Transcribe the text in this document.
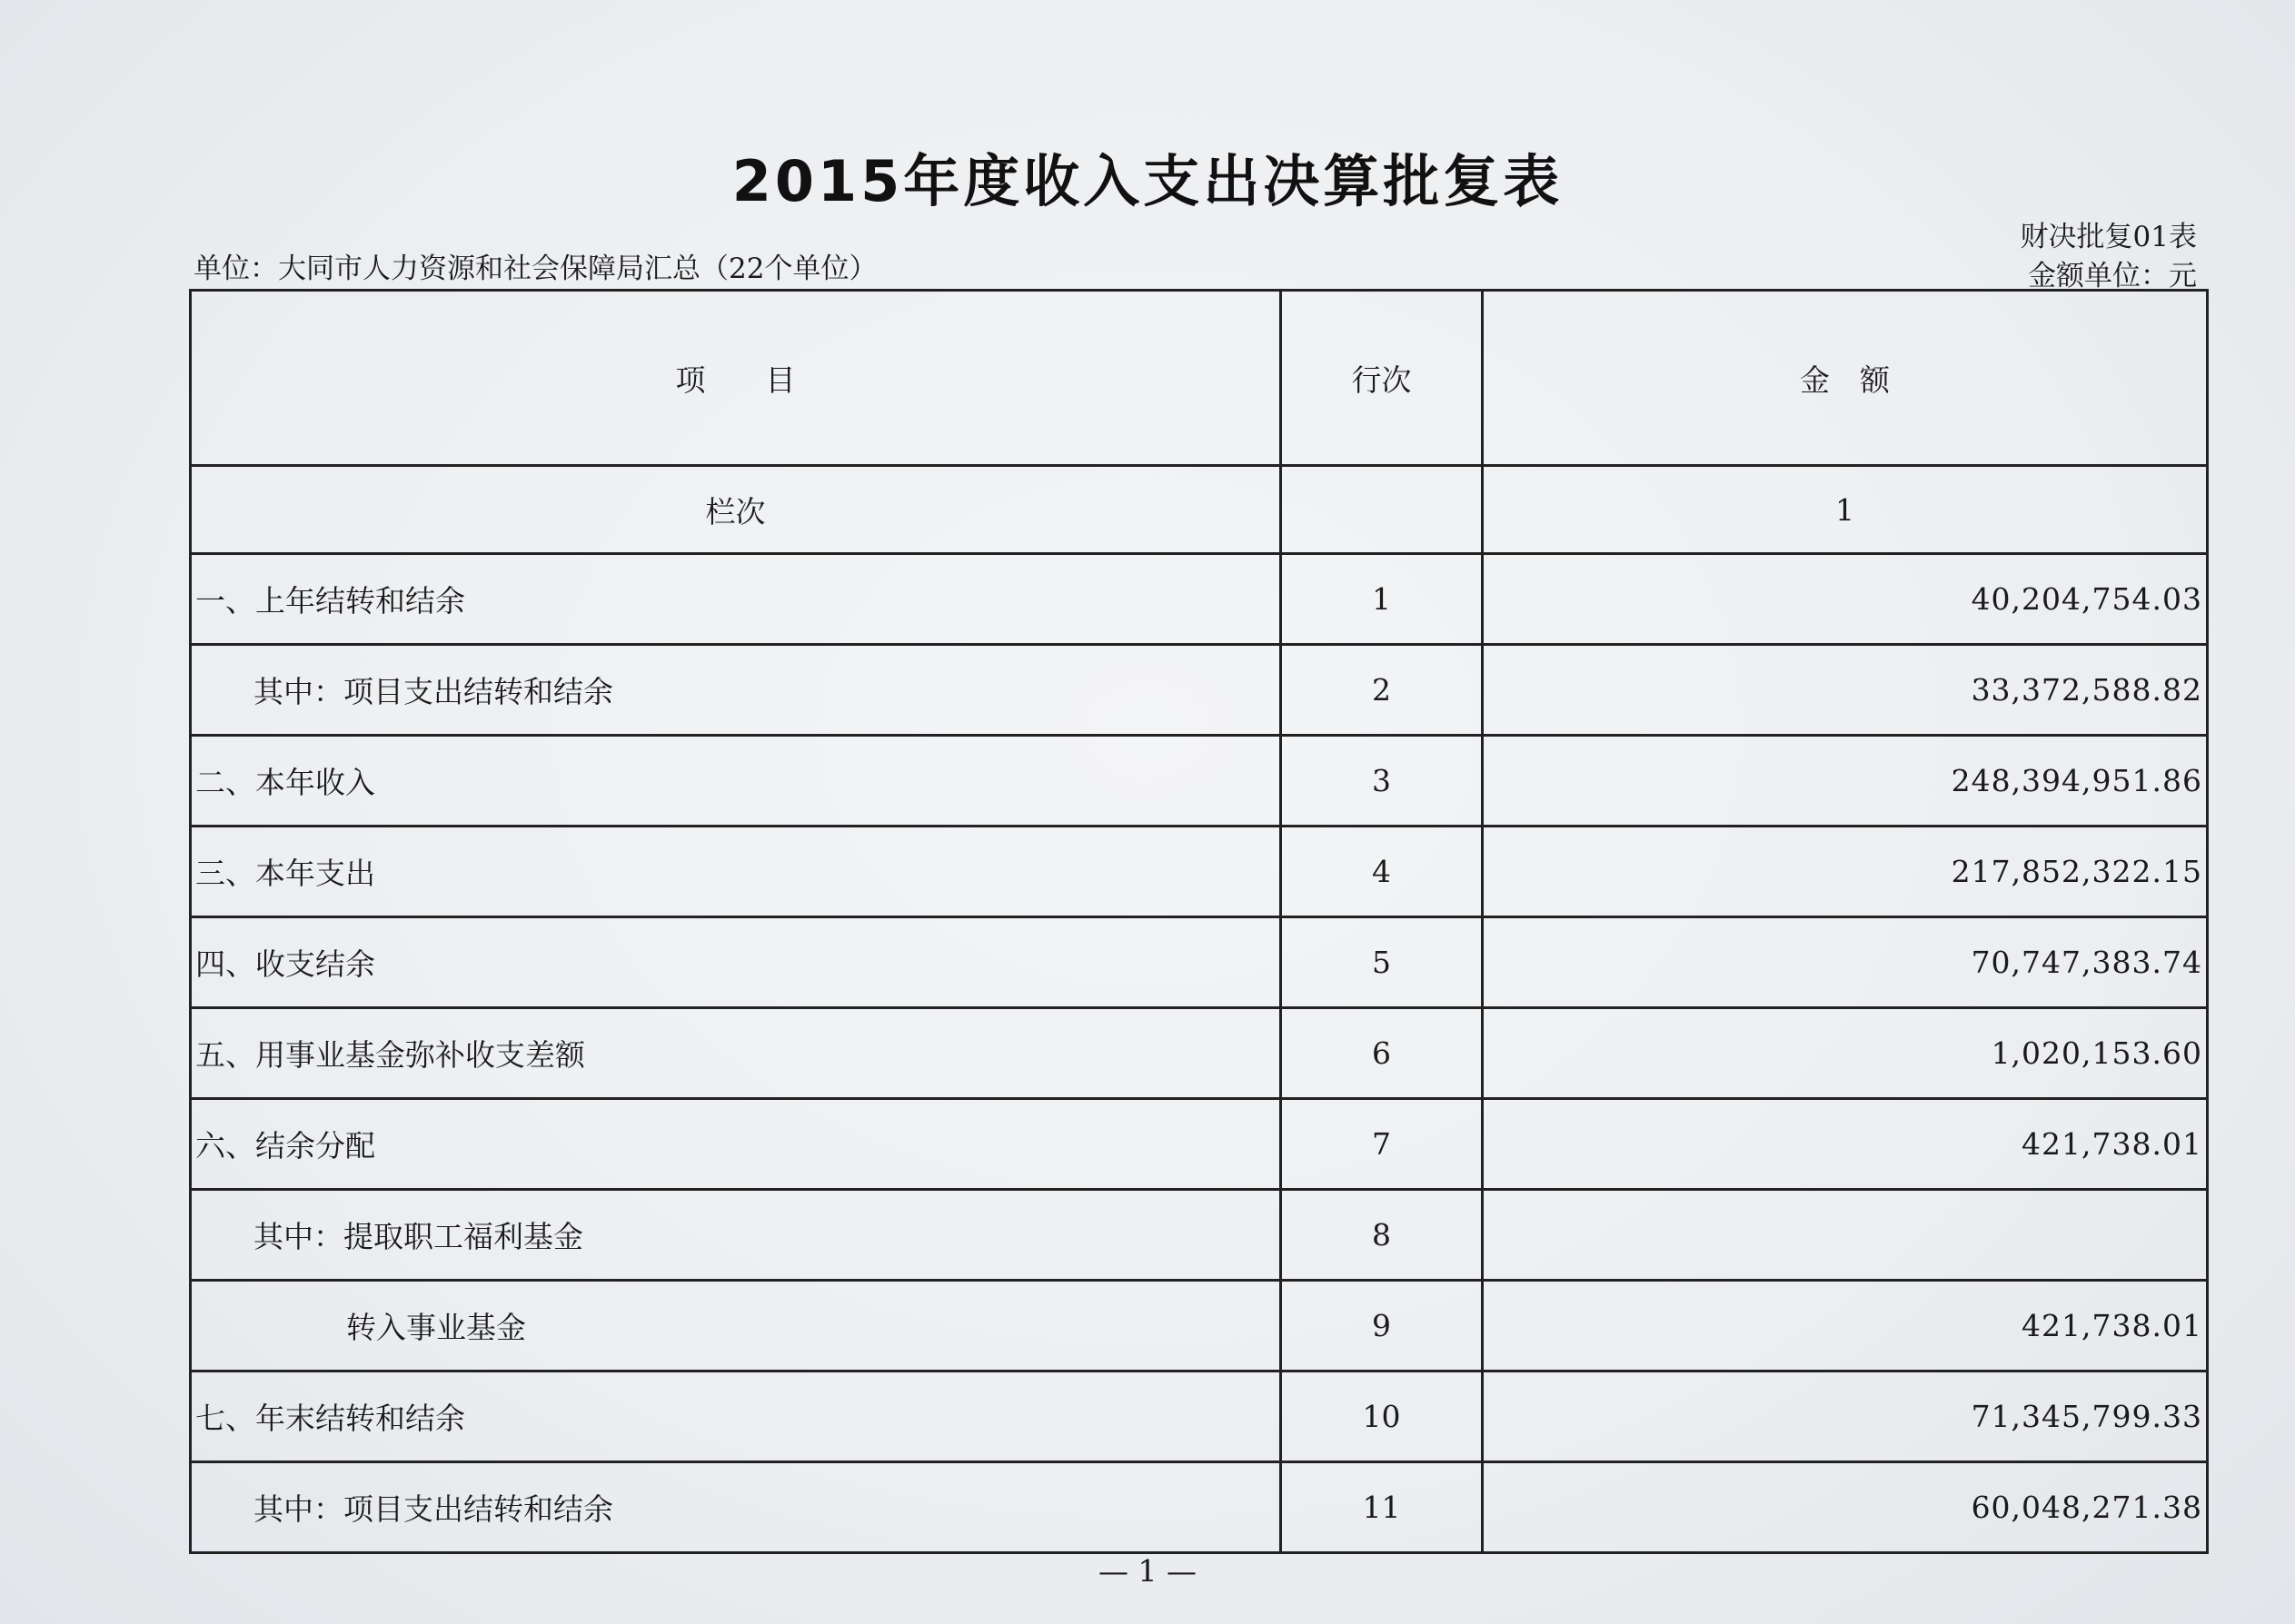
2015年度收入支出决算批复表
单位：大同市人力资源和社会保障局汇总（22个单位）
财决批复01表
金额单位：元
项　　目	行次	金　额
栏次		1
一、上年结转和结余	1	40,204,754.03
其中：项目支出结转和结余	2	33,372,588.82
二、本年收入	3	248,394,951.86
三、本年支出	4	217,852,322.15
四、收支结余	5	70,747,383.74
五、用事业基金弥补收支差额	6	1,020,153.60
六、结余分配	7	421,738.01
其中：提取职工福利基金	8	
转入事业基金	9	421,738.01
七、年末结转和结余	10	71,345,799.33
其中：项目支出结转和结余	11	60,048,271.38
— 1 —
